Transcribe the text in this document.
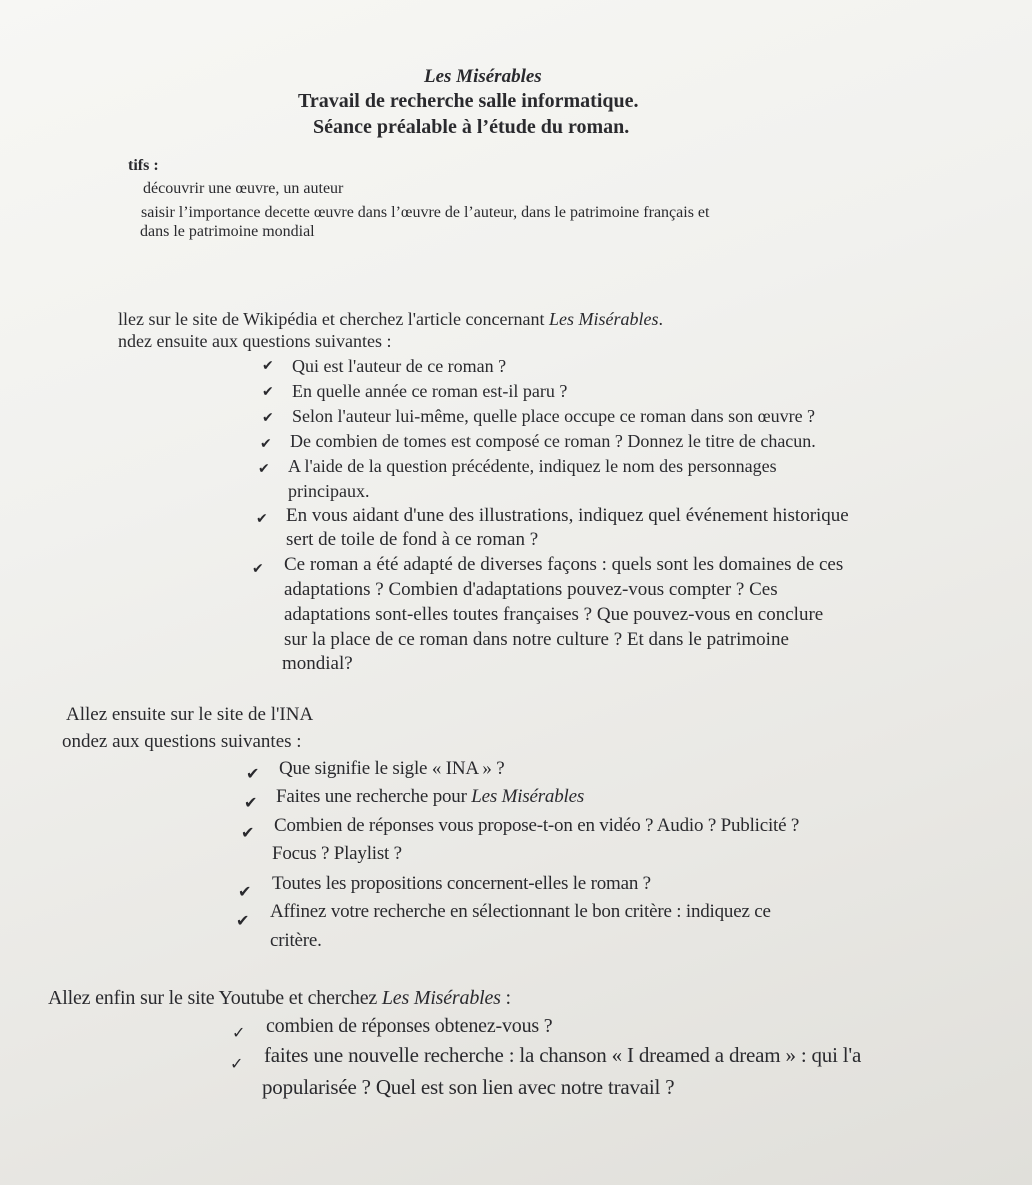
Les Misérables
Travail de recherche salle informatique.
Séance préalable à l’étude du roman.
tifs :
découvrir une œuvre, un auteur
saisir l’importance decette œuvre dans l’œuvre de l’auteur, dans le patrimoine français et
dans le patrimoine mondial
llez sur le site de Wikipédia et cherchez l'article concernant Les Misérables.
ndez ensuite aux questions suivantes :
✔ Qui est l'auteur de ce roman ?
✔ En quelle année ce roman est-il paru ?
✔ Selon l'auteur lui-même, quelle place occupe ce roman dans son œuvre ?
✔ De combien de tomes est composé ce roman ? Donnez le titre de chacun.
✔ A l'aide de la question précédente, indiquez le nom des personnages
principaux.
✔ En vous aidant d'une des illustrations, indiquez quel événement historique
sert de toile de fond à ce roman ?
✔ Ce roman a été adapté de diverses façons : quels sont les domaines de ces
adaptations ? Combien d'adaptations pouvez-vous compter ? Ces
adaptations sont-elles toutes françaises ? Que pouvez-vous en conclure
sur la place de ce roman dans notre culture ? Et dans le patrimoine
mondial?
Allez ensuite sur le site de l'INA
ondez aux questions suivantes :
✔ Que signifie le sigle « INA » ?
✔ Faites une recherche pour Les Misérables
✔ Combien de réponses vous propose-t-on en vidéo ? Audio ? Publicité ?
Focus ? Playlist ?
✔ Toutes les propositions concernent-elles le roman ?
✔ Affinez votre recherche en sélectionnant le bon critère : indiquez ce
critère.
Allez enfin sur le site Youtube et cherchez Les Misérables :
✓ combien de réponses obtenez-vous ?
✓ faites une nouvelle recherche : la chanson « I dreamed a dream » : qui l'a
popularisée ? Quel est son lien avec notre travail ?
